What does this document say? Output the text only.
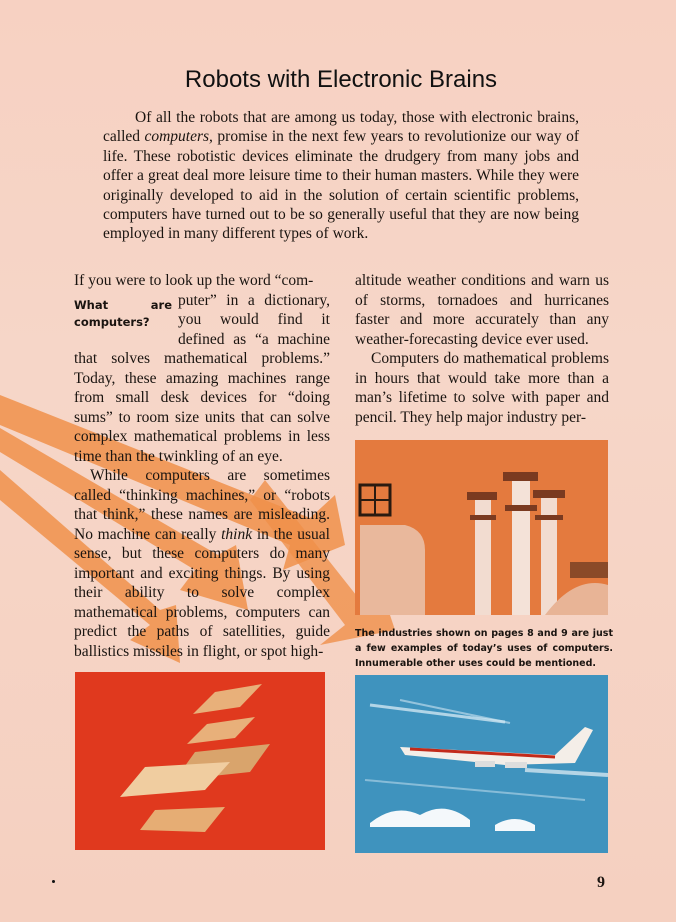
Robots with Electronic Brains
Of all the robots that are among us today, those with electronic brains, called computers, promise in the next few years to revolutionize our way of life. These robotistic devices eliminate the drudgery from many jobs and offer a great deal more leisure time to their human masters. While they were originally developed to aid in the solution of certain scientific problems, computers have turned out to be so generally useful that they are now being employed in many different types of work.
If you were to look up the word “com-
What are computers?
puter” in a dictionary, you would find it defined as “a machine that solves mathematical problems.” Today, these amazing machines range from small desk devices for “doing sums” to room size units that can solve complex mathematical problems in less time than the twinkling of an eye.
While computers are sometimes called “thinking machines,” or “robots that think,” these names are misleading. No machine can really think in the usual sense, but these computers do many important and exciting things. By using their ability to solve complex mathematical problems, computers can predict the paths of satellities, guide ballistics missiles in flight, or spot high-
altitude weather conditions and warn us of storms, tornadoes and hurricanes faster and more accurately than any weather-forecasting device ever used.
Computers do mathematical problems in hours that would take more than a man’s lifetime to solve with paper and pencil. They help major industry per-
The industries shown on pages 8 and 9 are just a few examples of today’s uses of computers. Innumerable other uses could be mentioned.
9
